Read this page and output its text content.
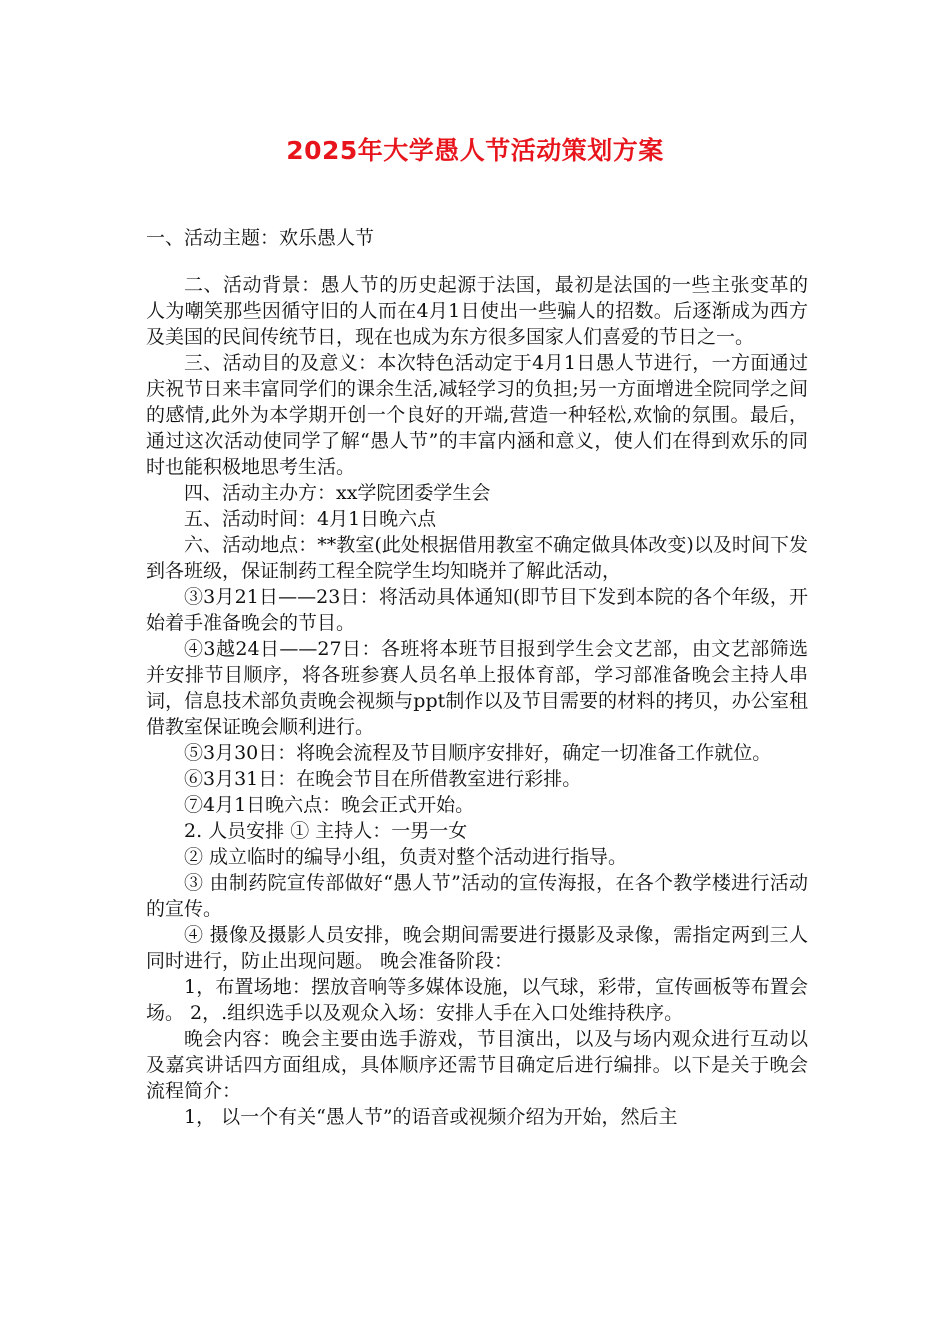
2025年大学愚人节活动策划方案
一、活动主题：欢乐愚人节

二、活动背景：愚人节的历史起源于法国，最初是法国的一些主张变革的人为嘲笑那些因循守旧的人而在4月1日使出一些骗人的招数。后逐渐成为西方及美国的民间传统节日，现在也成为东方很多国家人们喜爱的节日之一。

三、活动目的及意义：本次特色活动定于4月1日愚人节进行，一方面通过庆祝节日来丰富同学们的课余生活,减轻学习的负担;另一方面增进全院同学之间的感情,此外为本学期开创一个良好的开端,营造一种轻松,欢愉的氛围。最后，通过这次活动使同学了解“愚人节”的丰富内涵和意义，使人们在得到欢乐的同时也能积极地思考生活。

四、活动主办方：xx学院团委学生会

五、活动时间：4月1日晚六点

六、活动地点：**教室(此处根据借用教室不确定做具体改变)以及时间下发到各班级，保证制药工程全院学生均知晓并了解此活动，

③3月21日——23日：将活动具体通知(即节目下发到本院的各个年级，开始着手准备晚会的节目。

④3越24日——27日：各班将本班节目报到学生会文艺部，由文艺部筛选并安排节目顺序，将各班参赛人员名单上报体育部，学习部准备晚会主持人串词，信息技术部负责晚会视频与ppt制作以及节目需要的材料的拷贝，办公室租借教室保证晚会顺利进行。

⑤3月30日：将晚会流程及节目顺序安排好，确定一切准备工作就位。

⑥3月31日：在晚会节目在所借教室进行彩排。

⑦4月1日晚六点：晚会正式开始。

2. 人员安排 ① 主持人：一男一女

② 成立临时的编导小组，负责对整个活动进行指导。

③ 由制药院宣传部做好“愚人节”活动的宣传海报，在各个教学楼进行活动的宣传。

④ 摄像及摄影人员安排，晚会期间需要进行摄影及录像，需指定两到三人同时进行，防止出现问题。 晚会准备阶段：

1，布置场地：摆放音响等多媒体设施，以气球，彩带，宣传画板等布置会场。 2，.组织选手以及观众入场：安排人手在入口处维持秩序。

晚会内容：晚会主要由选手游戏，节目演出，以及与场内观众进行互动以及嘉宾讲话四方面组成，具体顺序还需节目确定后进行编排。以下是关于晚会流程简介：

1， 以一个有关“愚人节”的语音或视频介绍为开始，然后主
